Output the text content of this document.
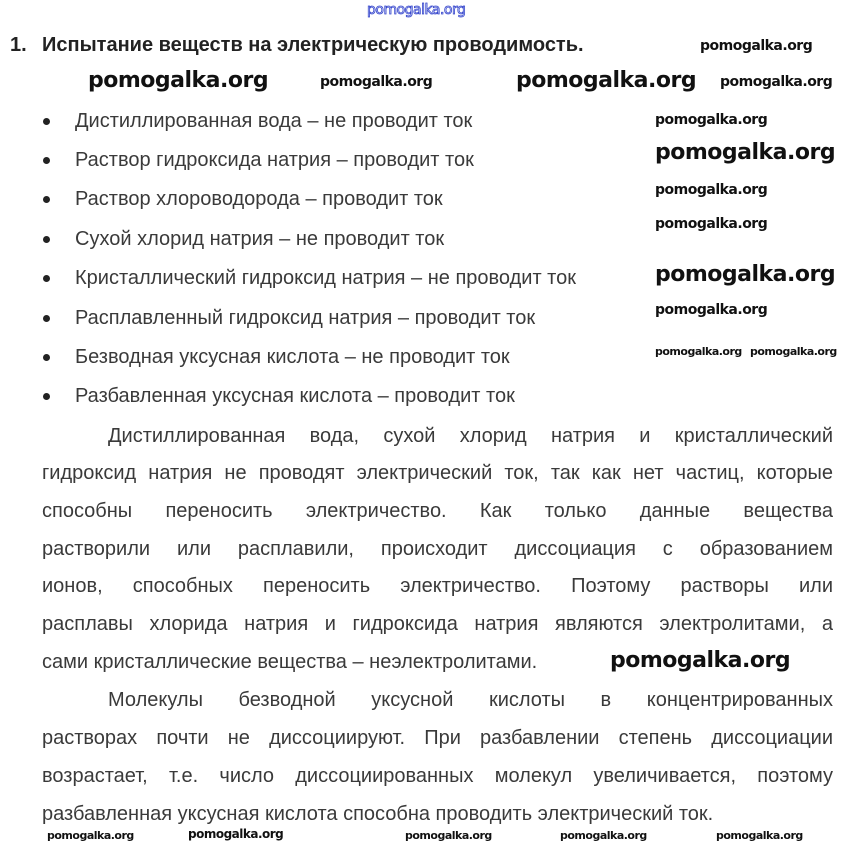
1. Испытание веществ на электрическую проводимость.
Дистиллированная вода – не проводит ток
Раствор гидроксида натрия – проводит ток
Раствор хлороводорода – проводит ток
Сухой хлорид натрия – не проводит ток
Кристаллический гидроксид натрия – не проводит ток
Расплавленный гидроксид натрия – проводит ток
Безводная уксусная кислота – не проводит ток
Разбавленная уксусная кислота – проводит ток
Дистиллированная вода, сухой хлорид натрия и кристаллический
гидроксид натрия не проводят электрический ток, так как нет частиц, которые
способны переносить электричество. Как только данные вещества
растворили или расплавили, происходит диссоциация с образованием
ионов, способных переносить электричество. Поэтому растворы или
расплавы хлорида натрия и гидроксида натрия являются электролитами, а
сами кристаллические вещества – неэлектролитами.
Молекулы безводной уксусной кислоты в концентрированных
растворах почти не диссоциируют. При разбавлении степень диссоциации
возрастает, т.е. число диссоциированных молекул увеличивается, поэтому
разбавленная уксусная кислота способна проводить электрический ток.
pomogalka.org
pomogalka.org	pomogalka.org
pomogalka.org
pomogalka.org
pomogalka.org
pomogalka.org
pomogalka.org
pomogalka.org
pomogalka.org
pomogalka.org
pomogalka.org
pomogalka.org
pomogalka.org
pomogalka.org
pomogalka.org
pomogalka.org	pomogalka.org	pomogalka.org	pomogalka.org
